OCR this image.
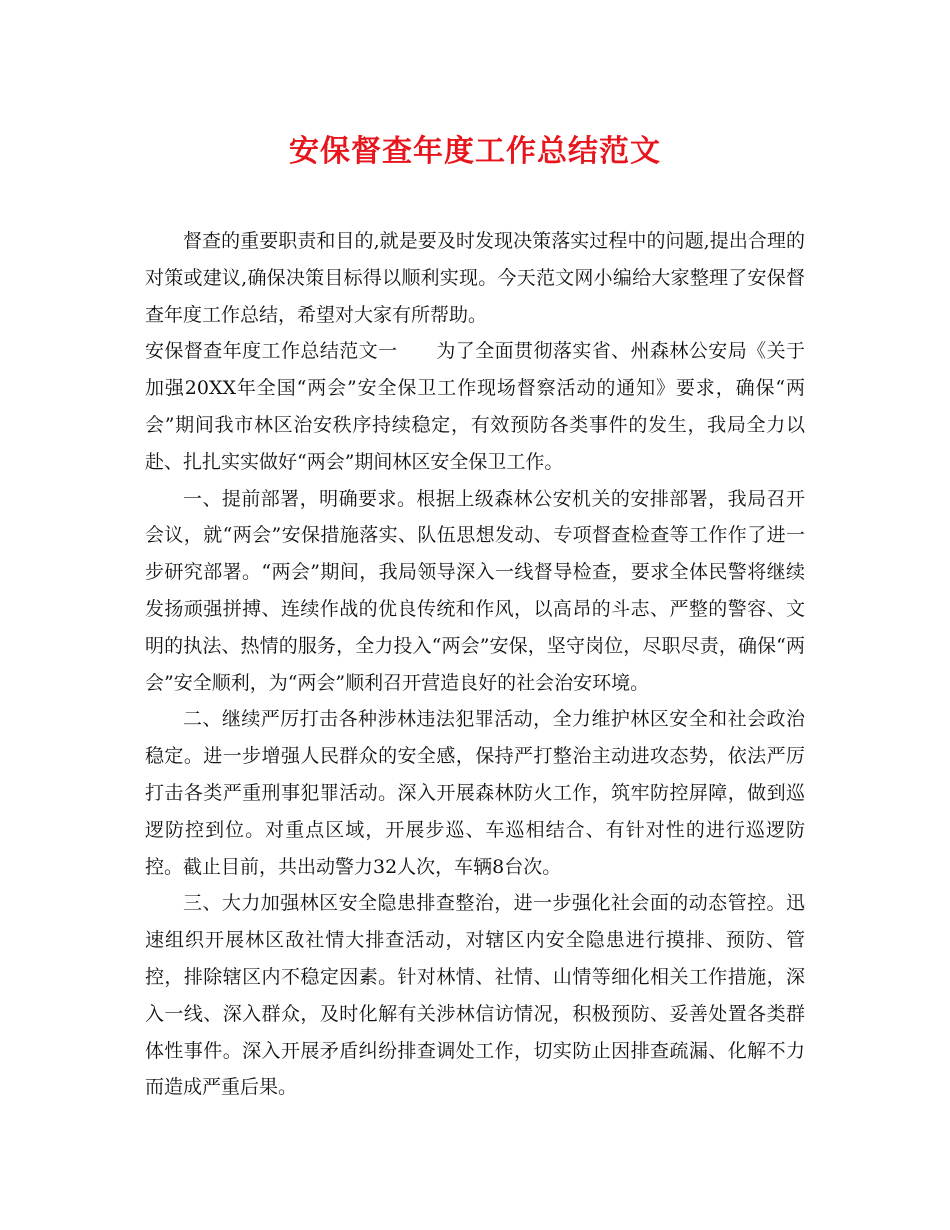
安保督查年度工作总结范文

督查的重要职责和目的,就是要及时发现决策落实过程中的问题,提出合理的对策或建议,确保决策目标得以顺利实现。今天范文网小编给大家整理了安保督查年度工作总结，希望对大家有所帮助。

安保督查年度工作总结范文一　　为了全面贯彻落实省、州森林公安局《关于加强20XX年全国“两会”安全保卫工作现场督察活动的通知》要求，确保“两会”期间我市林区治安秩序持续稳定，有效预防各类事件的发生，我局全力以赴、扎扎实实做好“两会”期间林区安全保卫工作。

一、提前部署，明确要求。根据上级森林公安机关的安排部署，我局召开会议，就“两会”安保措施落实、队伍思想发动、专项督查检查等工作作了进一步研究部署。“两会”期间，我局领导深入一线督导检查，要求全体民警将继续发扬顽强拼搏、连续作战的优良传统和作风，以高昂的斗志、严整的警容、文明的执法、热情的服务，全力投入“两会”安保，坚守岗位，尽职尽责，确保“两会”安全顺利，为“两会”顺利召开营造良好的社会治安环境。

二、继续严厉打击各种涉林违法犯罪活动，全力维护林区安全和社会政治稳定。进一步增强人民群众的安全感，保持严打整治主动进攻态势，依法严厉打击各类严重刑事犯罪活动。深入开展森林防火工作，筑牢防控屏障，做到巡逻防控到位。对重点区域，开展步巡、车巡相结合、有针对性的进行巡逻防控。截止目前，共出动警力32人次，车辆8台次。

三、大力加强林区安全隐患排查整治，进一步强化社会面的动态管控。迅速组织开展林区敌社情大排查活动，对辖区内安全隐患进行摸排、预防、管控，排除辖区内不稳定因素。针对林情、社情、山情等细化相关工作措施，深入一线、深入群众，及时化解有关涉林信访情况，积极预防、妥善处置各类群体性事件。深入开展矛盾纠纷排查调处工作，切实防止因排查疏漏、化解不力而造成严重后果。
